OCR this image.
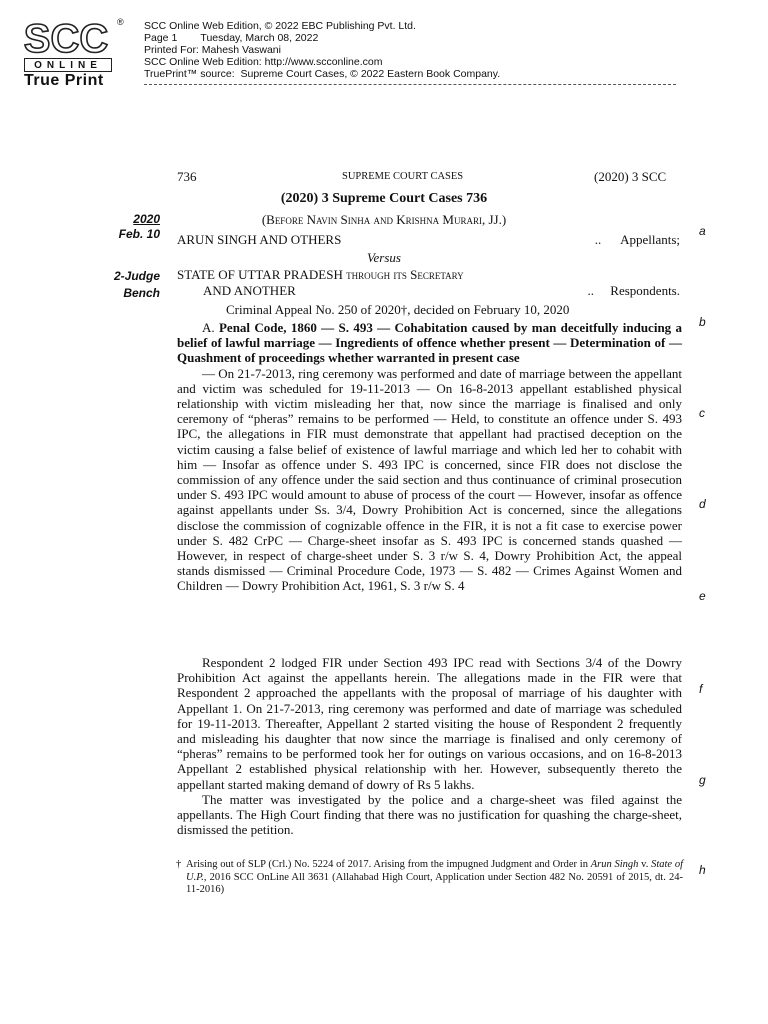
SCC
ONLINE
True Print
® SCC Online Web Edition, © 2022 EBC Publishing Pvt. Ltd.
Page 1        Tuesday, March 08, 2022
Printed For: Mahesh Vaswani
SCC Online Web Edition: http://www.scconline.com
TruePrint™ source:  Supreme Court Cases, © 2022 Eastern Book Company.
736	SUPREME COURT CASES	(2020) 3 SCC
(2020) 3 Supreme Court Cases 736
(Before Navin Sinha and Krishna Murari, JJ.)
2020
Feb. 10
2-Judge
Bench
a
b
c
d
e
f
g
h
ARUN SINGH AND OTHERS	..      Appellants;
Versus
STATE OF UTTAR PRADESH through its Secretary
AND ANOTHER	..     Respondents.
Criminal Appeal No. 250 of 2020†, decided on February 10, 2020

A. Penal Code, 1860 — S. 493 — Cohabitation caused by man deceitfully inducing a belief of lawful marriage — Ingredients of offence whether present — Determination of — Quashment of proceedings whether warranted in present case

— On 21-7-2013, ring ceremony was performed and date of marriage between the appellant and victim was scheduled for 19-11-2013 — On 16-8-2013 appellant established physical relationship with victim misleading her that, now since the marriage is finalised and only ceremony of “pheras” remains to be performed — Held, to constitute an offence under S. 493 IPC, the allegations in FIR must demonstrate that appellant had practised deception on the victim causing a false belief of existence of lawful marriage and which led her to cohabit with him — Insofar as offence under S. 493 IPC is concerned, since FIR does not disclose the commission of any offence under the said section and thus continuance of criminal prosecution under S. 493 IPC would amount to abuse of process of the court — However, insofar as offence against appellants under Ss. 3/4, Dowry Prohibition Act is concerned, since the allegations disclose the commission of cognizable offence in the FIR, it is not a fit case to exercise power under S. 482 CrPC — Charge-sheet insofar as S. 493 IPC is concerned stands quashed — However, in respect of charge-sheet under S. 3 r/w S. 4, Dowry Prohibition Act, the appeal stands dismissed — Criminal Procedure Code, 1973 — S. 482 — Crimes Against Women and Children — Dowry Prohibition Act, 1961, S. 3 r/w S. 4

Respondent 2 lodged FIR under Section 493 IPC read with Sections 3/4 of the Dowry Prohibition Act against the appellants herein. The allegations made in the FIR were that Respondent 2 approached the appellants with the proposal of marriage of his daughter with Appellant 1. On 21-7-2013, ring ceremony was performed and date of marriage was scheduled for 19-11-2013. Thereafter, Appellant 2 started visiting the house of Respondent 2 frequently and misleading his daughter that now since the marriage is finalised and only ceremony of “pheras” remains to be performed took her for outings on various occasions, and on 16-8-2013 Appellant 2 established physical relationship with her. However, subsequently thereto the appellant started making demand of dowry of Rs 5 lakhs.

The matter was investigated by the police and a charge-sheet was filed against the appellants. The High Court finding that there was no justification for quashing the charge-sheet, dismissed the petition.

† Arising out of SLP (Crl.) No. 5224 of 2017. Arising from the impugned Judgment and Order in Arun Singh v. State of U.P., 2016 SCC OnLine All 3631 (Allahabad High Court, Application under Section 482 No. 20591 of 2015, dt. 24-11-2016)
